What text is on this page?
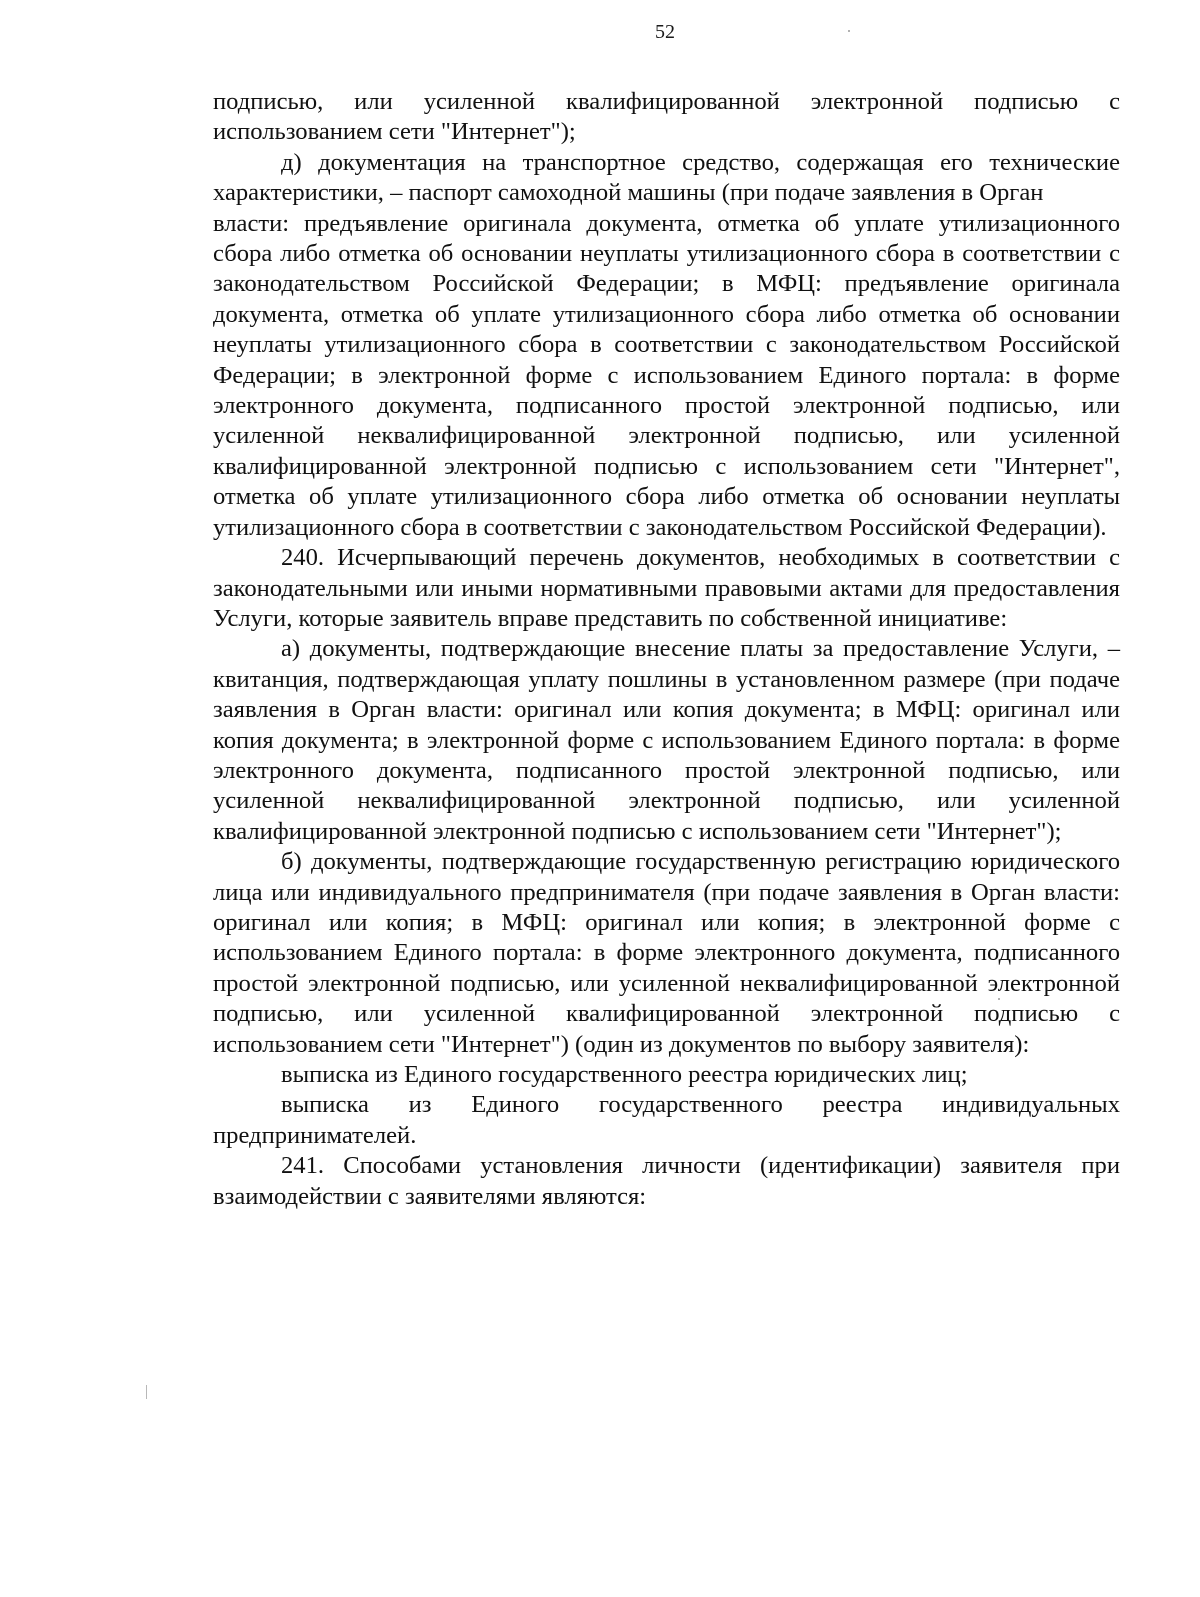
52

подписью, или усиленной квалифицированной электронной подписью с использованием сети "Интернет");

д) документация на транспортное средство, содержащая его технические характеристики, – паспорт самоходной машины (при подаче заявления в Орган

власти: предъявление оригинала документа, отметка об уплате утилизационного сбора либо отметка об основании неуплаты утилизационного сбора в соответствии с законодательством Российской Федерации; в МФЦ: предъявление оригинала документа, отметка об уплате утилизационного сбора либо отметка об основании неуплаты утилизационного сбора в соответствии с законодательством Российской Федерации; в электронной форме с использованием Единого портала: в форме электронного документа, подписанного простой электронной подписью, или усиленной неквалифицированной электронной подписью, или усиленной квалифицированной электронной подписью с использованием сети "Интернет", отметка об уплате утилизационного сбора либо отметка об основании неуплаты утилизационного сбора в соответствии с законодательством Российской Федерации).

240. Исчерпывающий перечень документов, необходимых в соответствии с законодательными или иными нормативными правовыми актами для предоставления Услуги, которые заявитель вправе представить по собственной инициативе:

а) документы, подтверждающие внесение платы за предоставление Услуги, – квитанция, подтверждающая уплату пошлины в установленном размере (при подаче заявления в Орган власти: оригинал или копия документа; в МФЦ: оригинал или копия документа; в электронной форме с использованием Единого портала: в форме электронного документа, подписанного простой электронной подписью, или усиленной неквалифицированной электронной подписью, или усиленной квалифицированной электронной подписью с использованием сети "Интернет");

б) документы, подтверждающие государственную регистрацию юридического лица или индивидуального предпринимателя (при подаче заявления в Орган власти: оригинал или копия; в МФЦ: оригинал или копия; в электронной форме с использованием Единого портала: в форме электронного документа, подписанного простой электронной подписью, или усиленной неквалифицированной электронной подписью, или усиленной квалифицированной электронной подписью с использованием сети "Интернет") (один из документов по выбору заявителя):

выписка из Единого государственного реестра юридических лиц;

выписка из Единого государственного реестра индивидуальных предпринимателей.

241. Способами установления личности (идентификации) заявителя при взаимодействии с заявителями являются:
